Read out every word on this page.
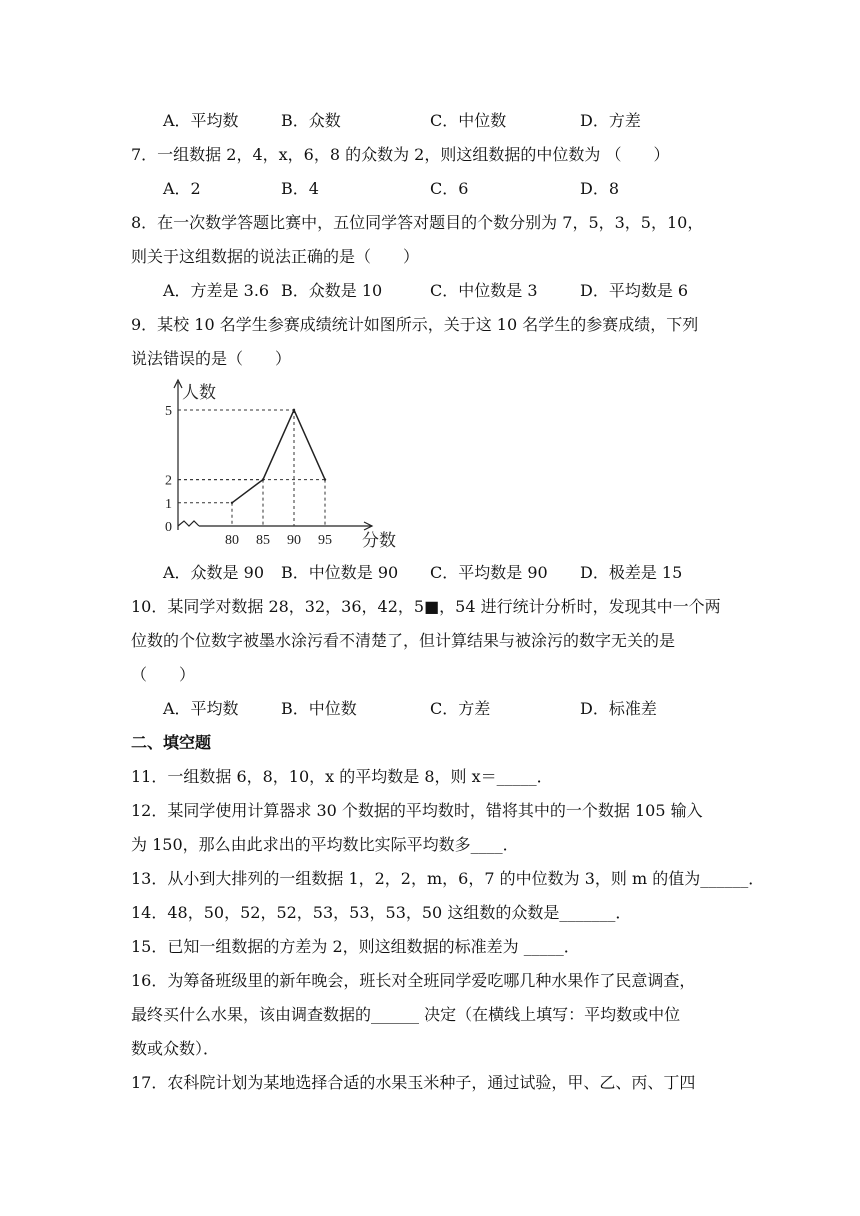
A．平均数	B．众数	C．中位数	D．方差
7．一组数据 2，4，x，6，8 的众数为 2，则这组数据的中位数为 （　　）
A．2	B．4	C．6	D．8
8．在一次数学答题比赛中，五位同学答对题目的个数分别为 7，5，3，5，10，
则关于这组数据的说法正确的是（　　）
A．方差是 3.6 B．众数是 10	C．中位数是 3	D．平均数是 6
9．某校 10 名学生参赛成绩统计如图所示，关于这 10 名学生的参赛成绩，下列
说法错误的是（　　）
人数
分数
0
1
2
5
80 85 90 95
A．众数是 90 B．中位数是 90 C．平均数是 90 D．极差是 15
10．某同学对数据 28，32，36，42，5■，54 进行统计分析时，发现其中一个两
位数的个位数字被墨水涂污看不清楚了，但计算结果与被涂污的数字无关的是
（　　）
A．平均数	B．中位数	C．方差	D．标准差
二、填空题
11．一组数据 6，8，10，x 的平均数是 8，则 x＝_____．
12．某同学使用计算器求 30 个数据的平均数时，错将其中的一个数据 105 输入
为 150，那么由此求出的平均数比实际平均数多____．
13．从小到大排列的一组数据 1，2，2，m，6，7 的中位数为 3，则 m 的值为______．
14．48，50，52，52，53，53，53，50 这组数的众数是_______．
15．已知一组数据的方差为 2，则这组数据的标准差为 _____．
16．为筹备班级里的新年晚会，班长对全班同学爱吃哪几种水果作了民意调查，
最终买什么水果，该由调查数据的______ 决定（在横线上填写：平均数或中位
数或众数）．
17．农科院计划为某地选择合适的水果玉米种子，通过试验，甲、乙、丙、丁四
